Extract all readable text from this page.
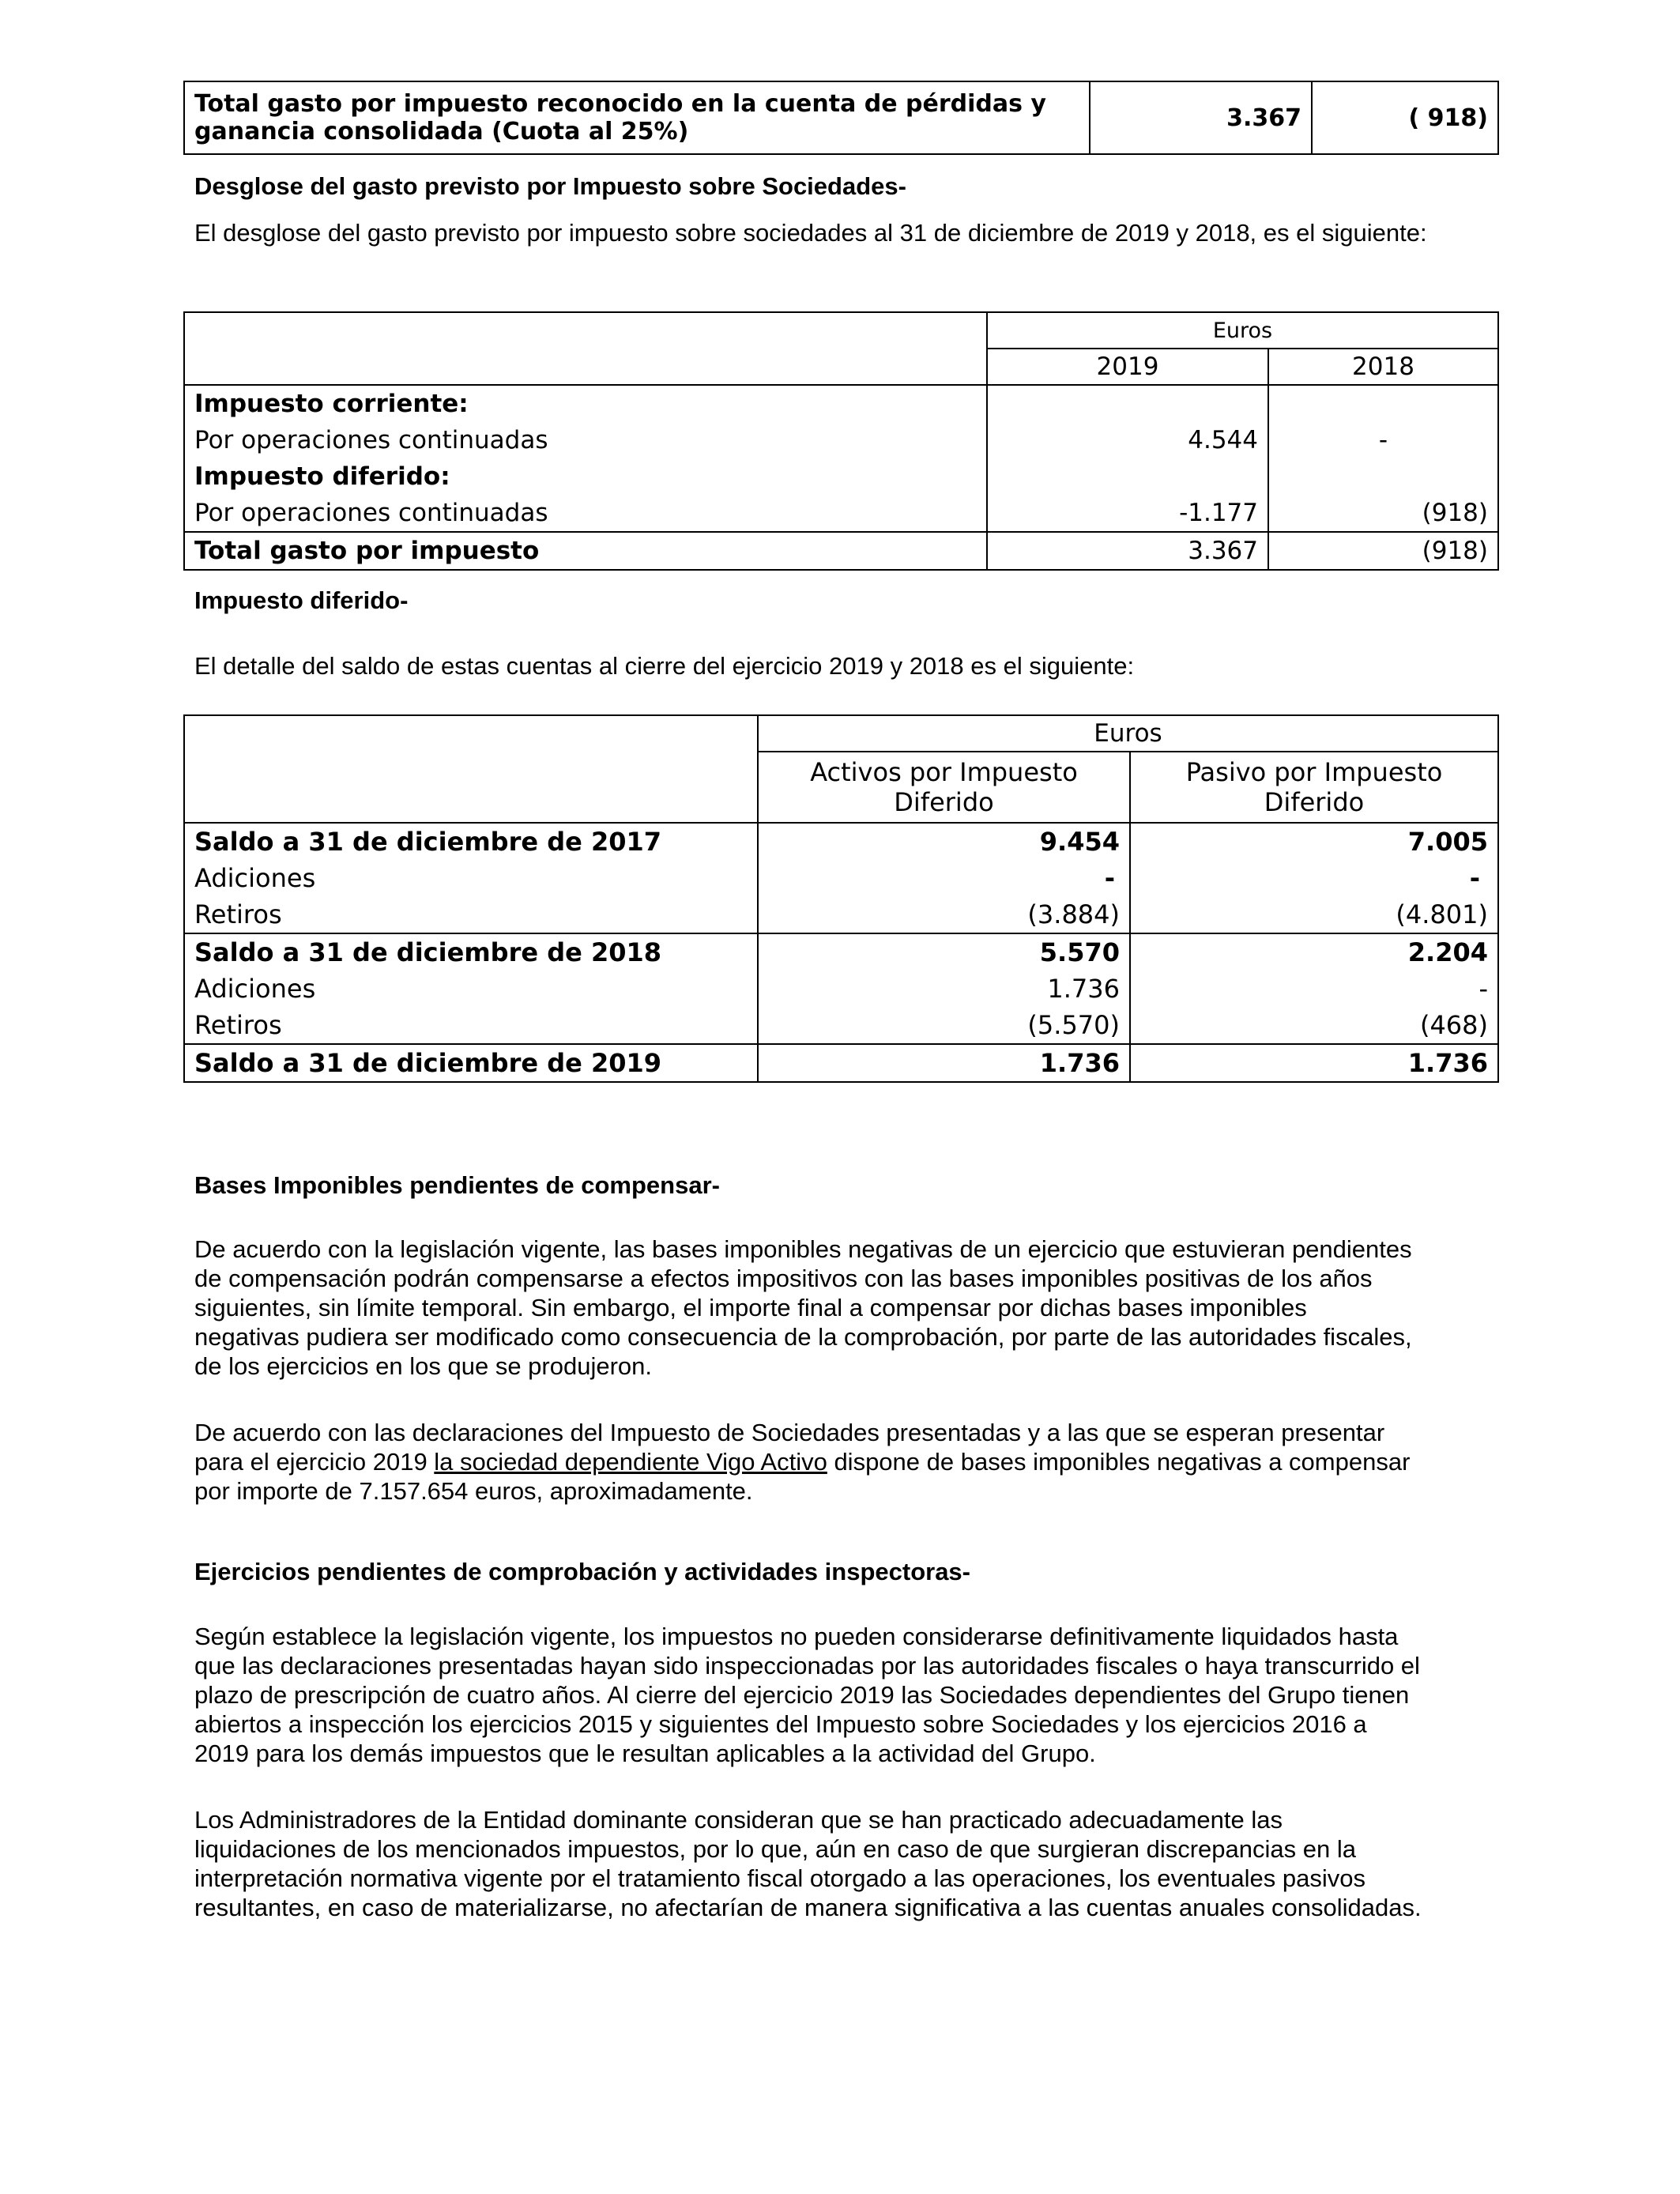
Total gasto por impuesto reconocido en la cuenta de pérdidas y ganancia consolidada (Cuota al 25%)	3.367	( 918)

Desglose del gasto previsto por Impuesto sobre Sociedades-

El desglose del gasto previsto por impuesto sobre sociedades al 31 de diciembre de 2019 y 2018, es el siguiente:

	Euros	
	2019	2018
Impuesto corriente:		
Por operaciones continuadas	4.544	-
Impuesto diferido:		
Por operaciones continuadas	-1.177	(918)
Total gasto por impuesto	3.367	(918)

Impuesto diferido-

El detalle del saldo de estas cuentas al cierre del ejercicio 2019 y 2018 es el siguiente:

	Euros	
	Activos por Impuesto Diferido	Pasivo por Impuesto Diferido
Saldo a 31 de diciembre de 2017	9.454	7.005
Adiciones	-	-
Retiros	(3.884)	(4.801)
Saldo a 31 de diciembre de 2018	5.570	2.204
Adiciones	1.736	-
Retiros	(5.570)	(468)
Saldo a 31 de diciembre de 2019	1.736	1.736

Bases Imponibles pendientes de compensar-

De acuerdo con la legislación vigente, las bases imponibles negativas de un ejercicio que estuvieran pendientes
de compensación podrán compensarse a efectos impositivos con las bases imponibles positivas de los años
siguientes, sin límite temporal. Sin embargo, el importe final a compensar por dichas bases imponibles
negativas pudiera ser modificado como consecuencia de la comprobación, por parte de las autoridades fiscales,
de los ejercicios en los que se produjeron.
De acuerdo con las declaraciones del Impuesto de Sociedades presentadas y a las que se esperan presentar
para el ejercicio 2019 la sociedad dependiente Vigo Activo dispone de bases imponibles negativas a compensar
por importe de 7.157.654 euros, aproximadamente.

Ejercicios pendientes de comprobación y actividades inspectoras-

Según establece la legislación vigente, los impuestos no pueden considerarse definitivamente liquidados hasta
que las declaraciones presentadas hayan sido inspeccionadas por las autoridades fiscales o haya transcurrido el
plazo de prescripción de cuatro años. Al cierre del ejercicio 2019 las Sociedades dependientes del Grupo tienen
abiertos a inspección los ejercicios 2015 y siguientes del Impuesto sobre Sociedades y los ejercicios 2016 a
2019 para los demás impuestos que le resultan aplicables a la actividad del Grupo.
Los Administradores de la Entidad dominante consideran que se han practicado adecuadamente las
liquidaciones de los mencionados impuestos, por lo que, aún en caso de que surgieran discrepancias en la
interpretación normativa vigente por el tratamiento fiscal otorgado a las operaciones, los eventuales pasivos
resultantes, en caso de materializarse, no afectarían de manera significativa a las cuentas anuales consolidadas.
